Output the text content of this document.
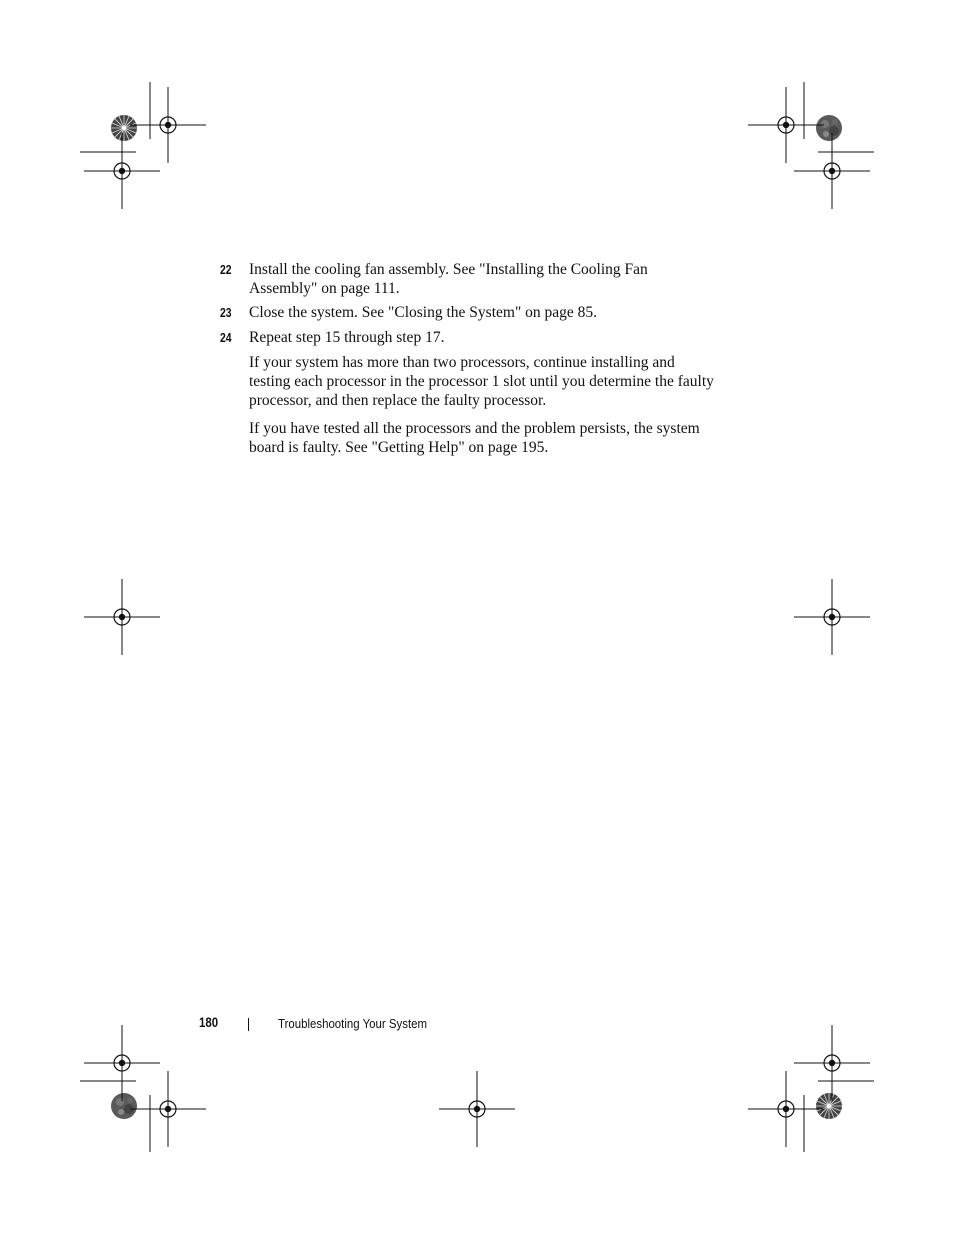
22 Install the cooling fan assembly. See "Installing the Cooling Fan Assembly" on page 111.
23 Close the system. See "Closing the System" on page 85.
24 Repeat step 15 through step 17.

If your system has more than two processors, continue installing and testing each processor in the processor 1 slot until you determine the faulty processor, and then replace the faulty processor.

If you have tested all the processors and the problem persists, the system board is faulty. See "Getting Help" on page 195.

180	Troubleshooting Your System
